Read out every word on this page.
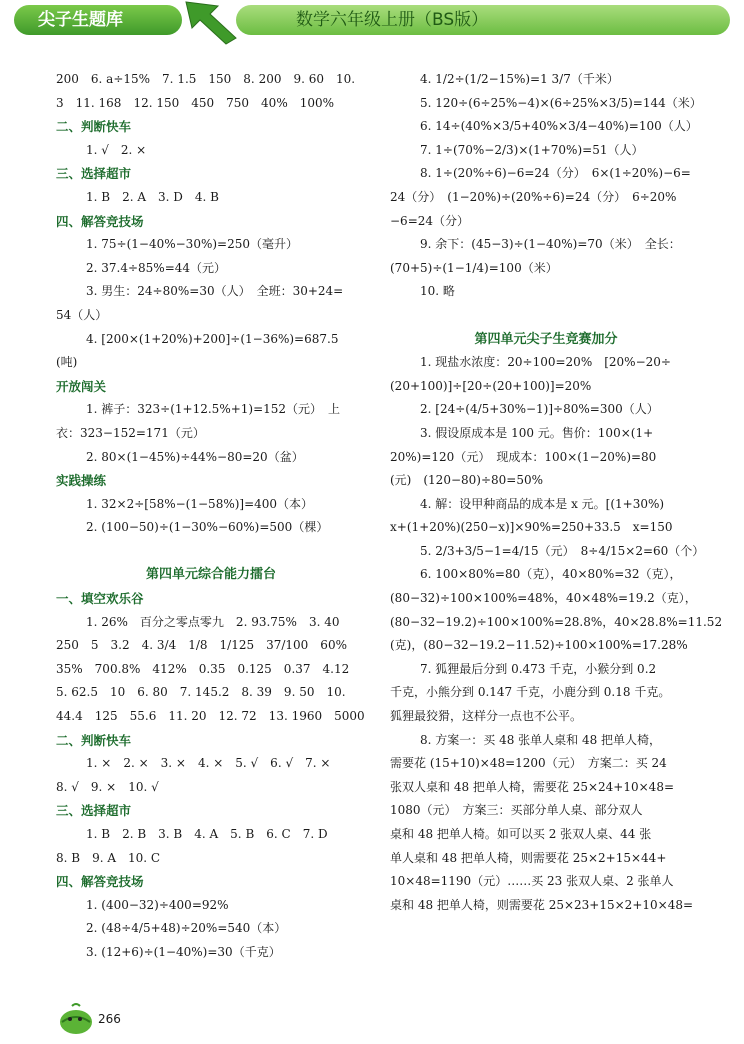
尖子生题库	数学六年级上册（BS版）
200　6. a÷15%　7. 1.5　150　8. 200　9. 60　10.
3　11. 168　12. 150　450　750　40%　100%
二、判断快车
1. √　2. ×
三、选择超市
1. B　2. A　3. D　4. B
四、解答竞技场
1. 75÷(1−40%−30%)=250（毫升）
2. 37.4÷85%=44（元）
3. 男生：24÷80%=30（人）　全班：30+24=
54（人）
4. [200×(1+20%)+200]÷(1−36%)=687.5
(吨)
开放闯关
1. 裤子：323÷(1+12.5%+1)=152（元）　上
衣：323−152=171（元）
2. 80×(1−45%)÷44%−80=20（盆）
实践操练
1. 32×2÷[58%−(1−58%)]=400（本）
2. (100−50)÷(1−30%−60%)=500（棵）
第四单元综合能力擂台
一、填空欢乐谷
1. 26%　百分之零点零九　2. 93.75%　3. 40
250　5　3.2　4. 3/4　1/8　1/125　37/100　60%
35%　700.8%　412%　0.35　0.125　0.37　4.12
5. 62.5　10　6. 80　7. 145.2　8. 39　9. 50　10.
44.4　125　55.6　11. 20　12. 72　13. 1960　5000
二、判断快车
1. ×　2. ×　3. ×　4. ×　5. √　6. √　7. ×
8. √　9. ×　10. √
三、选择超市
1. B　2. B　3. B　4. A　5. B　6. C　7. D
8. B　9. A　10. C
四、解答竞技场
1. (400−32)÷400=92%
2. (48÷4/5+48)÷20%=540（本）
3. (12+6)÷(1−40%)=30（千克）
4. 1/2÷(1/2−15%)=1 3/7（千米）
5. 120÷(6÷25%−4)×(6÷25%×3/5)=144（米）
6. 14÷(40%×3/5+40%×3/4−40%)=100（人）
7. 1÷(70%−2/3)×(1+70%)=51（人）
8. 1÷(20%÷6)−6=24（分）　6×(1÷20%)−6=
24（分）　(1−20%)÷(20%÷6)=24（分）　6÷20%
−6=24（分）
9. 余下：(45−3)÷(1−40%)=70（米）　全长：
(70+5)÷(1−1/4)=100（米）
10. 略
第四单元尖子生竞赛加分
1. 现盐水浓度：20÷100=20%　[20%−20÷
(20+100)]÷[20÷(20+100)]=20%
2. [24÷(4/5+30%−1)]÷80%=300（人）
3. 假设原成本是 100 元。售价：100×(1+
20%)=120（元）　现成本：100×(1−20%)=80
(元)　(120−80)÷80=50%
4. 解：设甲种商品的成本是 x 元。[(1+30%)
x+(1+20%)(250−x)]×90%=250+33.5　x=150
5. 2/3+3/5−1=4/15（元）　8÷4/15×2=60（个）
6. 100×80%=80（克），40×80%=32（克），
(80−32)÷100×100%=48%，40×48%=19.2（克），
(80−32−19.2)÷100×100%=28.8%，40×28.8%=11.52
(克)，(80−32−19.2−11.52)÷100×100%=17.28%
7. 狐狸最后分到 0.473 千克，小猴分到 0.2
千克，小熊分到 0.147 千克，小鹿分到 0.18 千克。
狐狸最狡猾，这样分一点也不公平。
8. 方案一：买 48 张单人桌和 48 把单人椅，
需要花 (15+10)×48=1200（元）　方案二：买 24
张双人桌和 48 把单人椅，需要花 25×24+10×48=
1080（元）　方案三：买部分单人桌、部分双人
桌和 48 把单人椅。如可以买 2 张双人桌、44 张
单人桌和 48 把单人椅，则需要花 25×2+15×44+
10×48=1190（元）……买 23 张双人桌、2 张单人
桌和 48 把单人椅，则需要花 25×23+15×2+10×48=
266
